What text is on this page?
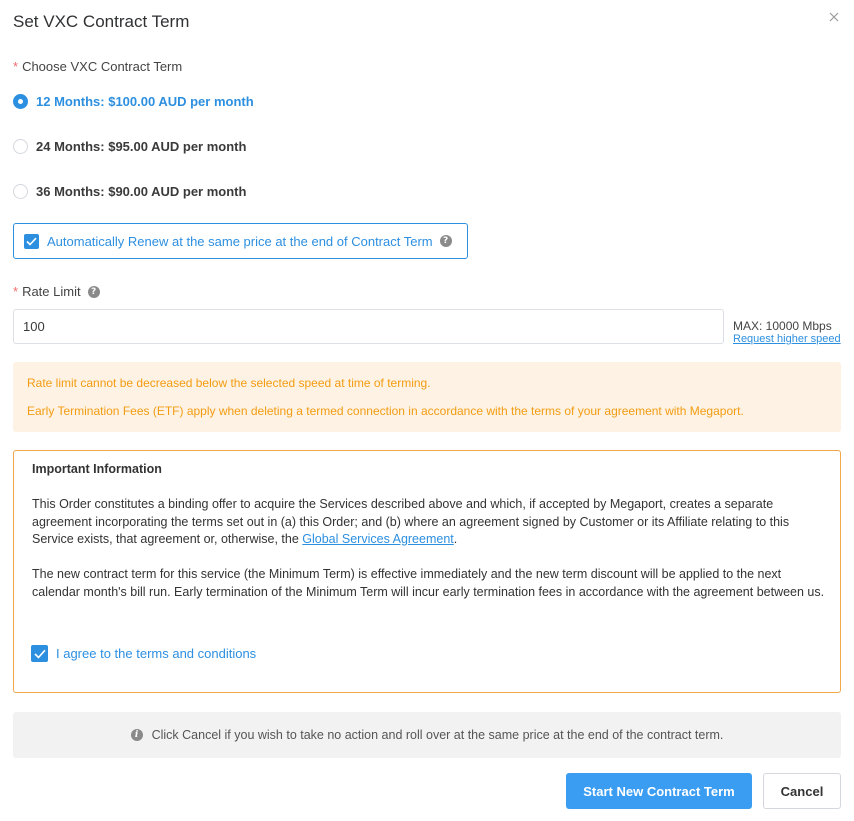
Set VXC Contract Term
* Choose VXC Contract Term
12 Months: $100.00 AUD per month
24 Months: $95.00 AUD per month
36 Months: $90.00 AUD per month
Automatically Renew at the same price at the end of Contract Term	?
* Rate Limit	?
100
MAX: 10000 Mbps
Request higher speed
Rate limit cannot be decreased below the selected speed at time of terming.
Early Termination Fees (ETF) apply when deleting a termed connection in accordance with the terms of your agreement with Megaport.
Important Information
This Order constitutes a binding offer to acquire the Services described above and which, if accepted by Megaport, creates a separate agreement incorporating the terms set out in (a) this Order; and (b) where an agreement signed by Customer or its Affiliate relating to this Service exists, that agreement or, otherwise, the Global Services Agreement.
The new contract term for this service (the Minimum Term) is effective immediately and the new term discount will be applied to the next calendar month's bill run. Early termination of the Minimum Term will incur early termination fees in accordance with the agreement between us.
I agree to the terms and conditions
i	Click Cancel if you wish to take no action and roll over at the same price at the end of the contract term.
Start New Contract Term	Cancel
